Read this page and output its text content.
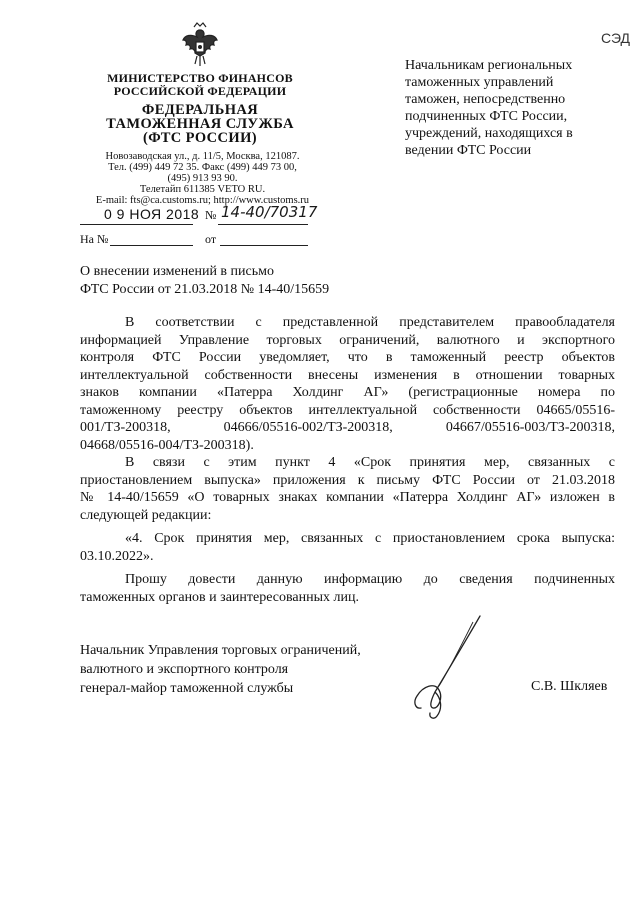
СЭД
МИНИСТЕРСТВО ФИНАНСОВ
РОССИЙСКОЙ ФЕДЕРАЦИИ
ФЕДЕРАЛЬНАЯ
ТАМОЖЕННАЯ СЛУЖБА
(ФТС РОССИИ)
Новозаводская ул., д. 11/5, Москва, 121087.
Тел. (499) 449 72 35. Факс (499) 449 73 00,
(495) 913 93 90.
Телетайп 611385 VETO RU.
E-mail: fts@ca.customs.ru; http://www.customs.ru
0 9 НОЯ 2018 № 14-40/70317
На №	от
Начальникам региональных
таможенных управлений
таможен, непосредственно
подчиненных ФТС России,
учреждений, находящихся в
ведении ФТС России
О внесении изменений в письмо
ФТС России от 21.03.2018 № 14-40/15659
В соответствии с представленной представителем правообладателя
информацией Управление торговых ограничений, валютного и экспортного
контроля ФТС России уведомляет, что в таможенный реестр объектов
интеллектуальной собственности внесены изменения в отношении товарных
знаков компании «Патерра Холдинг АГ» (регистрационные номера по
таможенному реестру объектов интеллектуальной собственности 04665/05516-
001/ТЗ-200318, 04666/05516-002/ТЗ-200318, 04667/05516-003/ТЗ-200318,
04668/05516-004/ТЗ-200318).
В связи с этим пункт 4 «Срок принятия мер, связанных с
приостановлением выпуска» приложения к письму ФТС России от 21.03.2018
№ 14-40/15659 «О товарных знаках компании «Патерра Холдинг АГ» изложен в
следующей редакции:
«4. Срок принятия мер, связанных с приостановлением срока выпуска:
03.10.2022».
Прошу довести данную информацию до сведения подчиненных
таможенных органов и заинтересованных лиц.
Начальник Управления торговых ограничений,
валютного и экспортного контроля
генерал-майор таможенной службы	С.В. Шкляев
